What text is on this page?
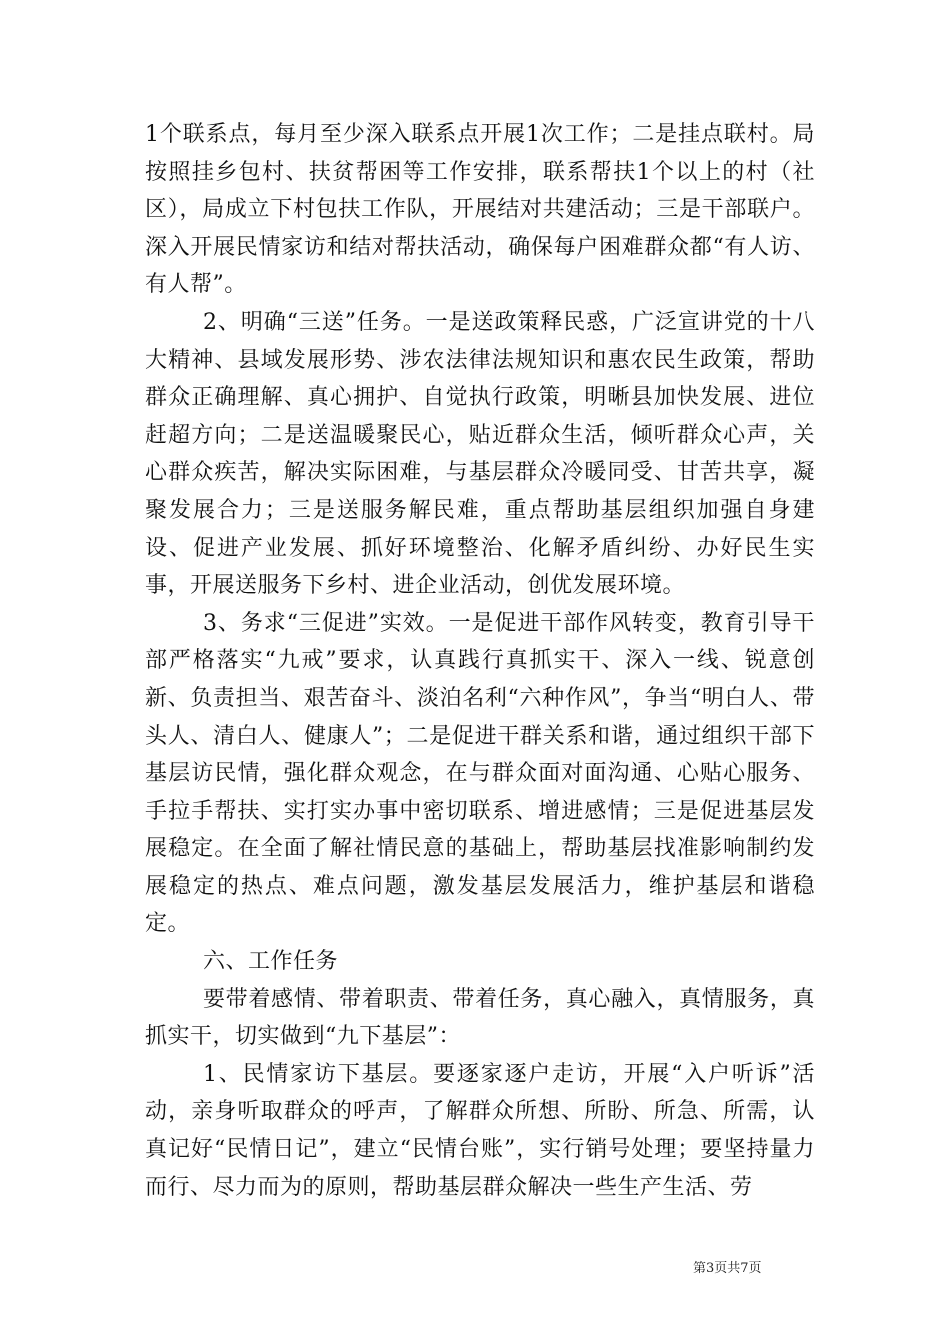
1个联系点，每月至少深入联系点开展1次工作；二是挂点联村。局按照挂乡包村、扶贫帮困等工作安排，联系帮扶1个以上的村（社区），局成立下村包扶工作队，开展结对共建活动；三是干部联户。深入开展民情家访和结对帮扶活动，确保每户困难群众都“有人访、有人帮”。

2、明确“三送”任务。一是送政策释民惑，广泛宣讲党的十八大精神、县域发展形势、涉农法律法规知识和惠农民生政策，帮助群众正确理解、真心拥护、自觉执行政策，明晰县加快发展、进位赶超方向；二是送温暖聚民心，贴近群众生活，倾听群众心声，关心群众疾苦，解决实际困难，与基层群众冷暖同受、甘苦共享，凝聚发展合力；三是送服务解民难，重点帮助基层组织加强自身建设、促进产业发展、抓好环境整治、化解矛盾纠纷、办好民生实事，开展送服务下乡村、进企业活动，创优发展环境。

3、务求“三促进”实效。一是促进干部作风转变，教育引导干部严格落实“九戒”要求，认真践行真抓实干、深入一线、锐意创新、负责担当、艰苦奋斗、淡泊名利“六种作风”，争当“明白人、带头人、清白人、健康人”；二是促进干群关系和谐，通过组织干部下基层访民情，强化群众观念，在与群众面对面沟通、心贴心服务、手拉手帮扶、实打实办事中密切联系、增进感情；三是促进基层发展稳定。在全面了解社情民意的基础上，帮助基层找准影响制约发展稳定的热点、难点问题，激发基层发展活力，维护基层和谐稳定。

六、工作任务

要带着感情、带着职责、带着任务，真心融入，真情服务，真抓实干，切实做到“九下基层”：

1、民情家访下基层。要逐家逐户走访，开展“入户听诉”活动，亲身听取群众的呼声，了解群众所想、所盼、所急、所需，认真记好“民情日记”，建立“民情台账”，实行销号处理；要坚持量力而行、尽力而为的原则，帮助基层群众解决一些生产生活、劳

第3页共7页
